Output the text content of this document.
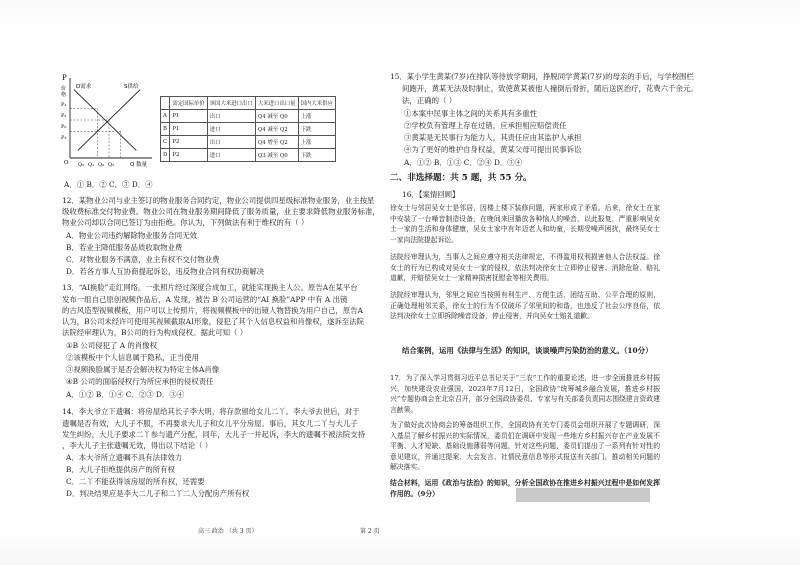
P
价
格
O	Q 数量
D需求	S供给
P₁
P₂
P₀
P₃
Q₃ Q₁ Q₀ Q₂
	需定国际单价	该国大米进口出口	大米进口出口量	国内大米供应
A	P1	出口	Q4 减至 Q0	上涨
B	P1	进口	Q4 减至 Q2	下跌
C	P2	出口	Q4 增至 Q2	上涨
D	P2	进口	Q3 减至 Q0	下跌
A．① B．② C．③ D．④
12．某物业公司与业主签订的物业服务合同约定，物业公司提供四星级标准物业服务，业主按星
级收费标准交付物业费。物业公司在物业服务期间降低了服务质量，业主要求降低物业服务标准，
物业公司却以合同已签订为由拒绝。你认为，下列做法有利于维权的有（ ）
A．物业公司违约解除物业服务合同无效
B．若业主降低服务品质收取物业费
C．对物业服务不满意，业主有权不交付物业费
D．若各方事人互协商提起诉讼，违反物业合同有权协商解决
13．“AI换脸”走红网络。一张照片经过深度合成加工，就能实现换主人公。原告A在某平台
发布一组自己原创视频作品后，A 发现，被告 B 公司运营的“AI 换脸”APP 中有 A 出镜
的古风造型视频模板，用户可以上传照片，将视频模板中的出镜人物替换为用户自己，原告A
认为，B公司未经许可使用其视频截取AI形象，侵犯了其个人信息权益和肖像权，遂诉至法院
法院经审理认为，B公司的行为构成侵权。据此可知（ ）
①B 公司侵犯了 A 的肖像权
②该模板中个人信息属于隐私，正当使用
③视频换脸属于是否会解决权为特定主体A肖像
④B 公司的面临侵权行为所应承担的侵权责任
A．①② B．①④ C．②③ D．③④
14．李大爷立下遗嘱：将房屋给其长子李大明，将存款留给女儿二丫。李大爷去世后，对于
遗嘱是否有效，大儿子不服，不再要求大儿子和女儿平分房屋。事后，其女儿二丫与大儿子
发生纠纷，大儿子要求二丫参与遗产分配，同年，大儿子一并起诉，李大的遗嘱不被法院支持
，李大儿子主张遗嘱无效，得出以下结论（ ）
A．本大爷所立遗嘱不具有法律效力
B．大儿子拒绝提供房产的所有权
C．二丫不能获得该房屋的所有权，还需要
D．判决结果应是李大二儿子和二丫二人分配房产所有权
高三 政治 （共 3 页）	第 2 页
15．某小学生黄某(7岁)在排队等待放学期间，挣脱同学黄某(7岁)的母亲的手后，与学校围栏
间跑开，黄某无法及时制止，致使黄某被他人撞倒后骨折，随后送医治疗，花费六千余元。
法，正确的（ ）
①本案中民事主体之间的关系具有多重性
②学校负有管理上存在过错，应承担相应赔偿责任
③黄某是无民事行为能力人，其责任应由其监护人承担
④为了更好的维护自身权益，黄某父母可提出民事诉讼
A．①② B．①③ C．②④ D．③④
二、非选择题：共 5 题，共 55 分。
16．【案情回顾】
徐女士与邻居吴女士是邻居，因楼上楼下装修问题，两家形成了矛盾。后来，徐女士在家中安装了一台噪音制造设备，在晚间来回播放各种恼人的噪音，以此报复，严重影响吴女士一家的生活和身体健康，吴女士家中有年迈老人和幼童，长期受噪声困扰，最终吴女士一家向法院提起诉讼。
法院经审理认为，当事人之间应遵守相关法律规定，不得滥用权利损害他人合法权益。徐女士的行为已构成对吴女士一家的侵权，依法判决徐女士立即停止侵害、消除危险、赔礼道歉，并赔偿吴女士一家精神损害抚慰金等相关费用。
法院经审理认为，邻里之间应当按照有利生产、方便生活、团结互助、公平合理的原则，正确处理相邻关系，徐女士的行为不仅破坏了邻里间的和谐，也违反了社会公序良俗，依法判决徐女士立即拆除噪音设备，停止侵害，并向吴女士赔礼道歉。
结合案例，运用《法律与生活》的知识，谈谈噪声污染防治的意义。（10分）
17．为了深入学习贯彻习近平总书记关于“三农”工作的重要论述，进一步全面推进乡村振兴，加快建设农业强国，2023年7月12日，全国政协“统筹城乡融合发展，推进乡村振兴”专题协商会在北京召开，部分全国政协委员、专家与有关部委负责同志围绕建言资政建言献策。
为了做好此次协商会的筹备组织工作，全国政协有关专门委员会组织开展了专题调研，深入基层了解乡村振兴的实际情况，委员们在调研中发现一些地方乡村振兴存在产业发展不平衡、人才短缺、基础设施薄弱等问题，针对这些问题，委员们提出了一系列有针对性的意见建议，并通过提案、大会发言、社情民意信息等形式报送有关部门，推动相关问题的解决落实。
结合材料，运用《政治与法治》的知识，分析全国政协在推进乡村振兴过程中是如何发挥作用的。（9分）
